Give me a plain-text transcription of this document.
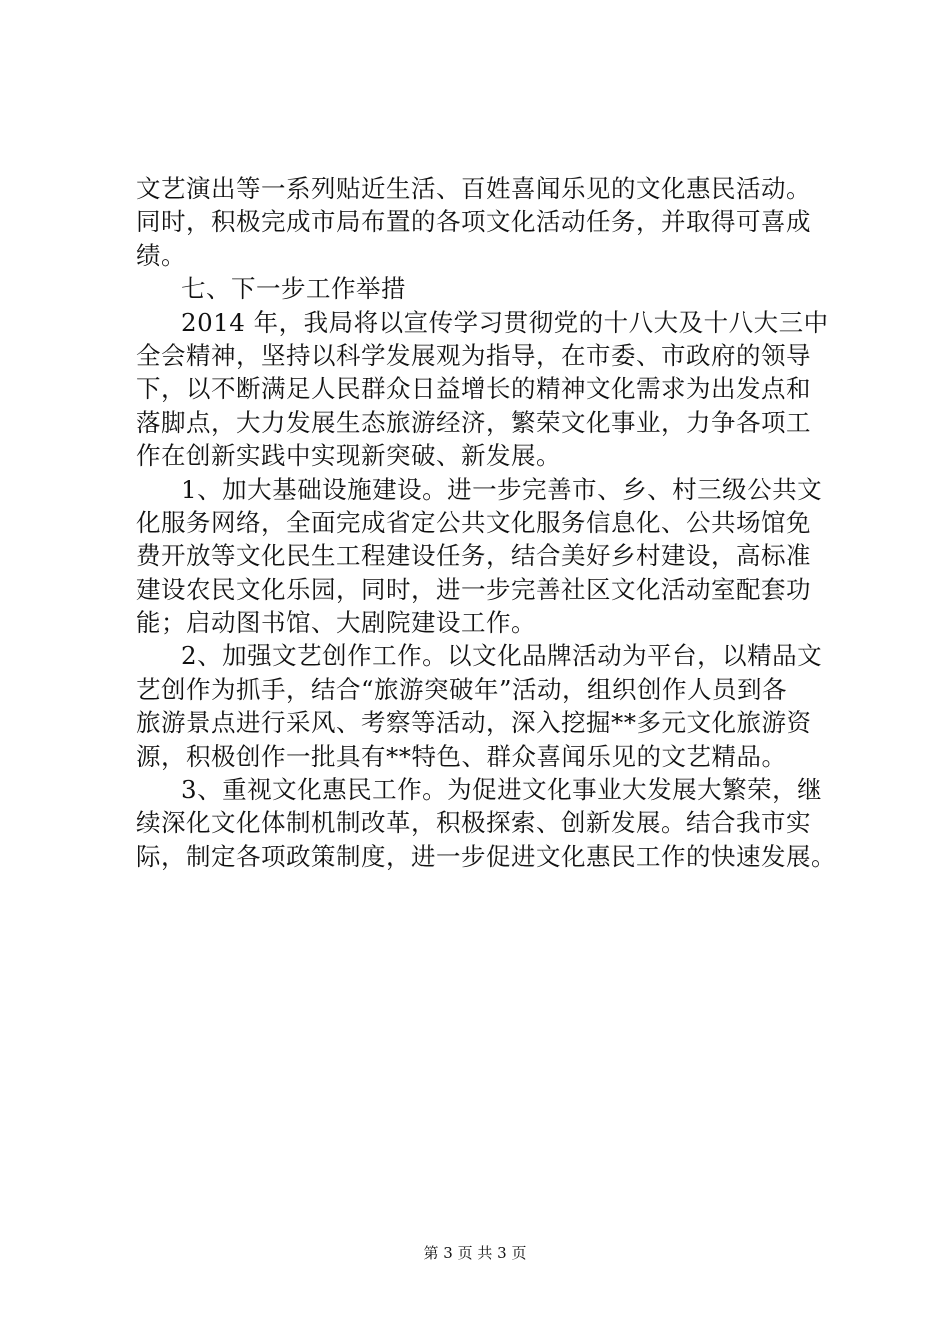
文艺演出等一系列贴近生活、百姓喜闻乐见的文化惠民活动。
同时，积极完成市局布置的各项文化活动任务，并取得可喜成
绩。
七、下一步工作举措
2014 年，我局将以宣传学习贯彻党的十八大及十八大三中
全会精神，坚持以科学发展观为指导，在市委、市政府的领导
下，以不断满足人民群众日益增长的精神文化需求为出发点和
落脚点，大力发展生态旅游经济，繁荣文化事业，力争各项工
作在创新实践中实现新突破、新发展。
1、加大基础设施建设。进一步完善市、乡、村三级公共文
化服务网络，全面完成省定公共文化服务信息化、公共场馆免
费开放等文化民生工程建设任务，结合美好乡村建设，高标准
建设农民文化乐园，同时，进一步完善社区文化活动室配套功
能；启动图书馆、大剧院建设工作。
2、加强文艺创作工作。以文化品牌活动为平台，以精品文
艺创作为抓手，结合“旅游突破年”活动，组织创作人员到各
旅游景点进行采风、考察等活动，深入挖掘**多元文化旅游资
源，积极创作一批具有**特色、群众喜闻乐见的文艺精品。
3、重视文化惠民工作。为促进文化事业大发展大繁荣，继
续深化文化体制机制改革，积极探索、创新发展。结合我市实
际，制定各项政策制度，进一步促进文化惠民工作的快速发展。
第 3 页 共 3 页
